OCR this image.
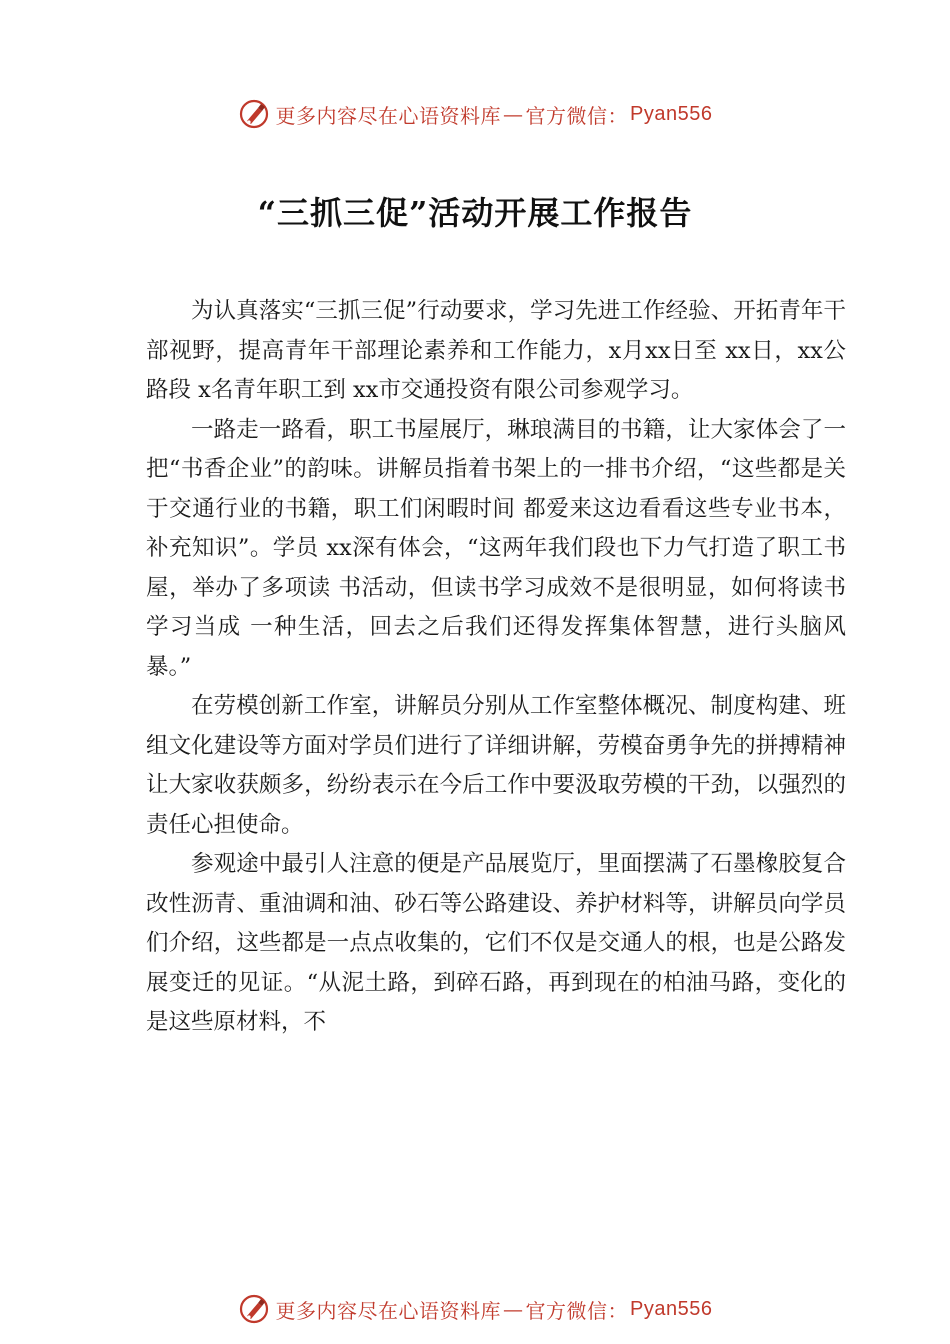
更多内容尽在心语资料库 — 官方微信： Pyan556
“三抓三促”活动开展工作报告

为认真落实“三抓三促”行动要求，学习先进工作经验、开拓青年干部视野，提高青年干部理论素养和工作能力，x月xx日至 xx日，xx公路段 x名青年职工到 xx市交通投资有限公司参观学习。

一路走一路看，职工书屋展厅，琳琅满目的书籍，让大家体会了一把“书香企业”的韵味。讲解员指着书架上的一排书介绍，“这些都是关于交通行业的书籍，职工们闲暇时间 都爱来这边看看这些专业书本，补充知识”。学员 xx深有体会，“这两年我们段也下力气打造了职工书屋，举办了多项读 书活动，但读书学习成效不是很明显，如何将读书学习当成 一种生活，回去之后我们还得发挥集体智慧，进行头脑风暴。”

在劳模创新工作室，讲解员分别从工作室整体概况、制度构建、班组文化建设等方面对学员们进行了详细讲解，劳模奋勇争先的拼搏精神让大家收获颇多，纷纷表示在今后工作中要汲取劳模的干劲，以强烈的责任心担使命。

参观途中最引人注意的便是产品展览厅，里面摆满了石墨橡胶复合改性沥青、重油调和油、砂石等公路建设、养护材料等，讲解员向学员们介绍，这些都是一点点收集的，它们不仅是交通人的根，也是公路发展变迁的见证。“从泥土路，到碎石路，再到现在的柏油马路，变化的是这些原材料，不

更多内容尽在心语资料库 — 官方微信： Pyan556
